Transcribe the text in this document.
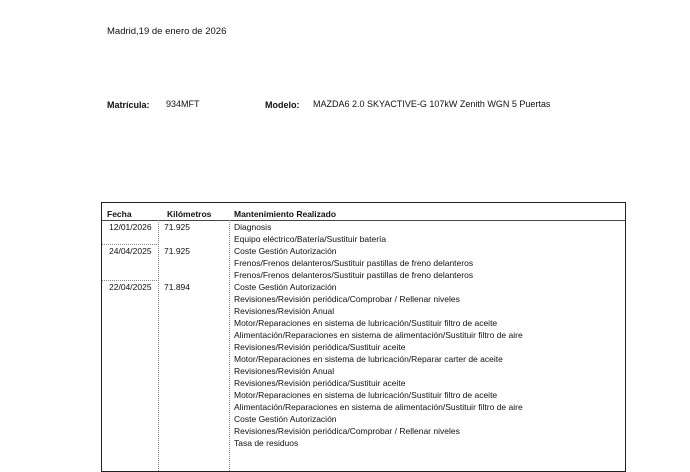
Madrid,19 de enero de 2026
Matrícula: 934MFT	Modelo: MAZDA6 2.0 SKYACTIVE-G 107kW Zenith WGN 5 Puertas
Fecha	Kilómetros	Mantenimiento Realizado
12/01/2026 71.925	Diagnosis
Equipo eléctrico/Batería/Sustituir batería
24/04/2025 71.925	Coste Gestión Autorización
Frenos/Frenos delanteros/Sustituir pastillas de freno delanteros
Frenos/Frenos delanteros/Sustituir pastillas de freno delanteros
22/04/2025 71.894	Coste Gestión Autorización
Revisiones/Revisión periódica/Comprobar / Rellenar niveles
Revisiones/Revisión Anual
Motor/Reparaciones en sistema de lubricación/Sustituir filtro de aceite
Alimentación/Reparaciones en sistema de alimentación/Sustituir filtro de aire
Revisiones/Revisión periódica/Sustituir aceite
Motor/Reparaciones en sistema de lubricación/Reparar carter de aceite
Revisiones/Revisión Anual
Revisiones/Revisión periódica/Sustituir aceite
Motor/Reparaciones en sistema de lubricación/Sustituir filtro de aceite
Alimentación/Reparaciones en sistema de alimentación/Sustituir filtro de aire
Coste Gestión Autorización
Revisiones/Revisión periódica/Comprobar / Rellenar niveles
Tasa de residuos
